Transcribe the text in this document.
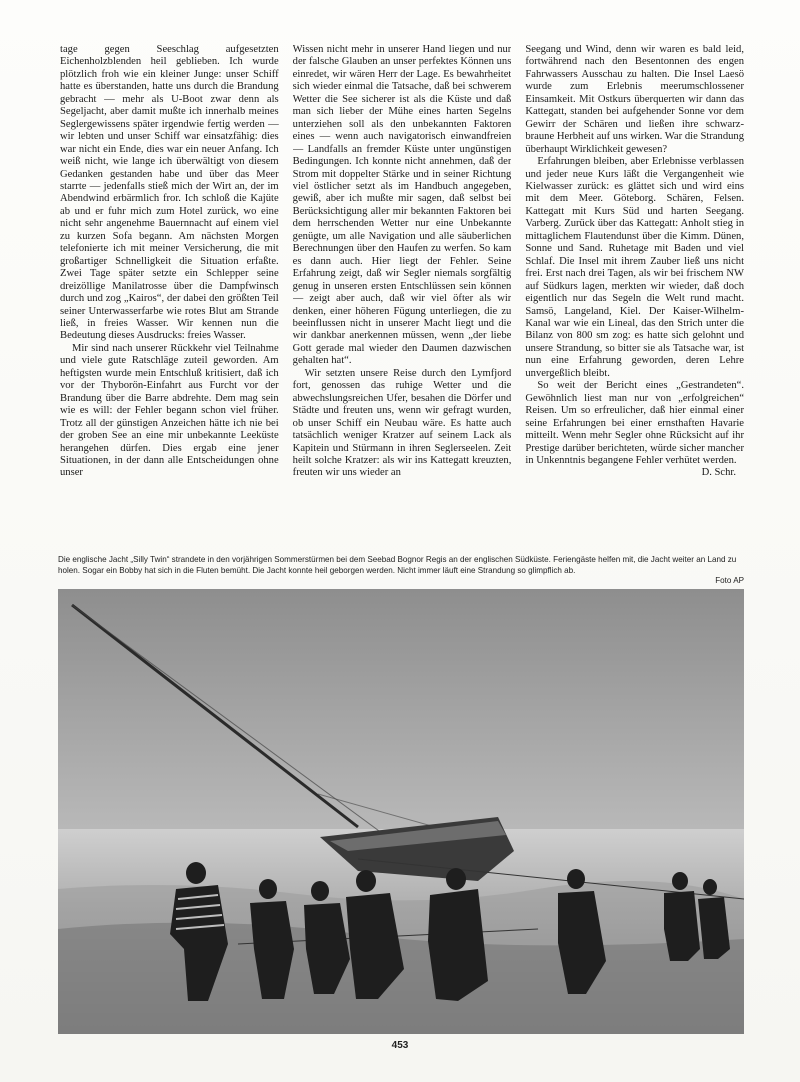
tage gegen Seeschlag aufgesetzten Eichenholzblenden heil geblieben. Ich wurde plötzlich froh wie ein kleiner Junge: unser Schiff hatte es überstanden, hatte uns durch die Brandung gebracht — mehr als U-Boot zwar denn als Segeljacht, aber damit mußte ich innerhalb meines Seglergewissens später irgendwie fertig werden — wir lebten und unser Schiff war einsatzfähig: dies war nicht ein Ende, dies war ein neuer Anfang. Ich weiß nicht, wie lange ich überwältigt von diesem Gedanken gestanden habe und über das Meer starrte — jedenfalls stieß mich der Wirt an, der im Abendwind erbärmlich fror. Ich schloß die Kajüte ab und er fuhr mich zum Hotel zurück, wo eine nicht sehr angenehme Bauernnacht auf einem viel zu kurzen Sofa begann. Am nächsten Morgen telefonierte ich mit meiner Versicherung, die mit großartiger Schnelligkeit die Situation erfaßte. Zwei Tage später setzte ein Schlepper seine dreizöllige Manilatrosse über die Dampfwinsch durch und zog „Kairos“, der dabei den größten Teil seiner Unterwasserfarbe wie rotes Blut am Strande ließ, in freies Wasser. Wir kennen nun die Bedeutung dieses Ausdrucks: freies Wasser.

Mir sind nach unserer Rückkehr viel Teilnahme und viele gute Ratschläge zuteil geworden. Am heftigsten wurde mein Entschluß kritisiert, daß ich vor der Thyborön-Einfahrt aus Furcht vor der Brandung über die Barre abdrehte. Dem mag sein wie es will: der Fehler begann schon viel früher. Trotz all der günstigen Anzeichen hätte ich nie bei der groben See an eine mir unbekannte Leeküste herangehen dürfen. Dies ergab eine jener Situationen, in der dann alle Entscheidungen ohne unser

Wissen nicht mehr in unserer Hand liegen und nur der falsche Glauben an unser perfektes Können uns einredet, wir wären Herr der Lage. Es bewahrheitet sich wieder einmal die Tatsache, daß bei schwerem Wetter die See sicherer ist als die Küste und daß man sich lieber der Mühe eines harten Segelns unterziehen soll als den unbekannten Faktoren eines — wenn auch navigatorisch einwandfreien — Landfalls an fremder Küste unter ungünstigen Bedingungen. Ich konnte nicht annehmen, daß der Strom mit doppelter Stärke und in seiner Richtung viel östlicher setzt als im Handbuch angegeben, gewiß, aber ich mußte mir sagen, daß selbst bei Berücksichtigung aller mir bekannten Faktoren bei dem herrschenden Wetter nur eine Unbekannte genügte, um alle Navigation und alle säuberlichen Berechnungen über den Haufen zu werfen. So kam es dann auch. Hier liegt der Fehler. Seine Erfahrung zeigt, daß wir Segler niemals sorgfältig genug in unseren ersten Entschlüssen sein können — zeigt aber auch, daß wir viel öfter als wir denken, einer höheren Fügung unterliegen, die zu beeinflussen nicht in unserer Macht liegt und die wir dankbar anerkennen müssen, wenn „der liebe Gott gerade mal wieder den Daumen dazwischen gehalten hat“.

Wir setzten unsere Reise durch den Lymfjord fort, genossen das ruhige Wetter und die abwechslungsreichen Ufer, besahen die Dörfer und Städte und freuten uns, wenn wir gefragt wurden, ob unser Schiff ein Neubau wäre. Es hatte auch tatsächlich weniger Kratzer auf seinem Lack als Kapitein und Stürmann in ihren Seglerseelen. Zeit heilt solche Kratzer: als wir ins Kattegatt kreuzten, freuten wir uns wieder an

Seegang und Wind, denn wir waren es bald leid, fortwährend nach den Besentonnen des engen Fahrwassers Ausschau zu halten. Die Insel Laesö wurde zum Erlebnis meerumschlossener Einsamkeit. Mit Ostkurs überquerten wir dann das Kattegatt, standen bei aufgehender Sonne vor dem Gewirr der Schären und ließen ihre schwarz-braune Herbheit auf uns wirken. War die Strandung überhaupt Wirklichkeit gewesen?

Erfahrungen bleiben, aber Erlebnisse verblassen und jeder neue Kurs läßt die Vergangenheit wie Kielwasser zurück: es glättet sich und wird eins mit dem Meer. Göteborg. Schären, Felsen. Kattegatt mit Kurs Süd und harten Seegang. Varberg. Zurück über das Kattegatt: Anholt stieg in mittaglichem Flautendunst über die Kimm. Dünen, Sonne und Sand. Ruhetage mit Baden und viel Schlaf. Die Insel mit ihrem Zauber ließ uns nicht frei. Erst nach drei Tagen, als wir bei frischem NW auf Südkurs lagen, merkten wir wieder, daß doch eigentlich nur das Segeln die Welt rund macht. Samsö, Langeland, Kiel. Der Kaiser-Wilhelm-Kanal war wie ein Lineal, das den Strich unter die Bilanz von 800 sm zog: es hatte sich gelohnt und unsere Strandung, so bitter sie als Tatsache war, ist nun eine Erfahrung geworden, deren Lehre unvergeßlich bleibt.

So weit der Bericht eines „Gestrandeten“. Gewöhnlich liest man nur von „erfolgreichen“ Reisen. Um so erfreulicher, daß hier einmal einer seine Erfahrungen bei einer ernsthaften Havarie mitteilt. Wenn mehr Segler ohne Rücksicht auf ihr Prestige darüber berichteten, würde sicher mancher in Unkenntnis begangene Fehler verhütet werden.

D. Schr.

Die englische Jacht „Silly Twin“ strandete in den vorjährigen Sommerstürmen bei dem Seebad Bognor Regis an der englischen Südküste. Feriengäste helfen mit, die Jacht weiter an Land zu holen. Sogar ein Bobby hat sich in die Fluten bemüht. Die Jacht konnte heil geborgen werden. Nicht immer läuft eine Strandung so glimpflich ab.
Foto AP
453
